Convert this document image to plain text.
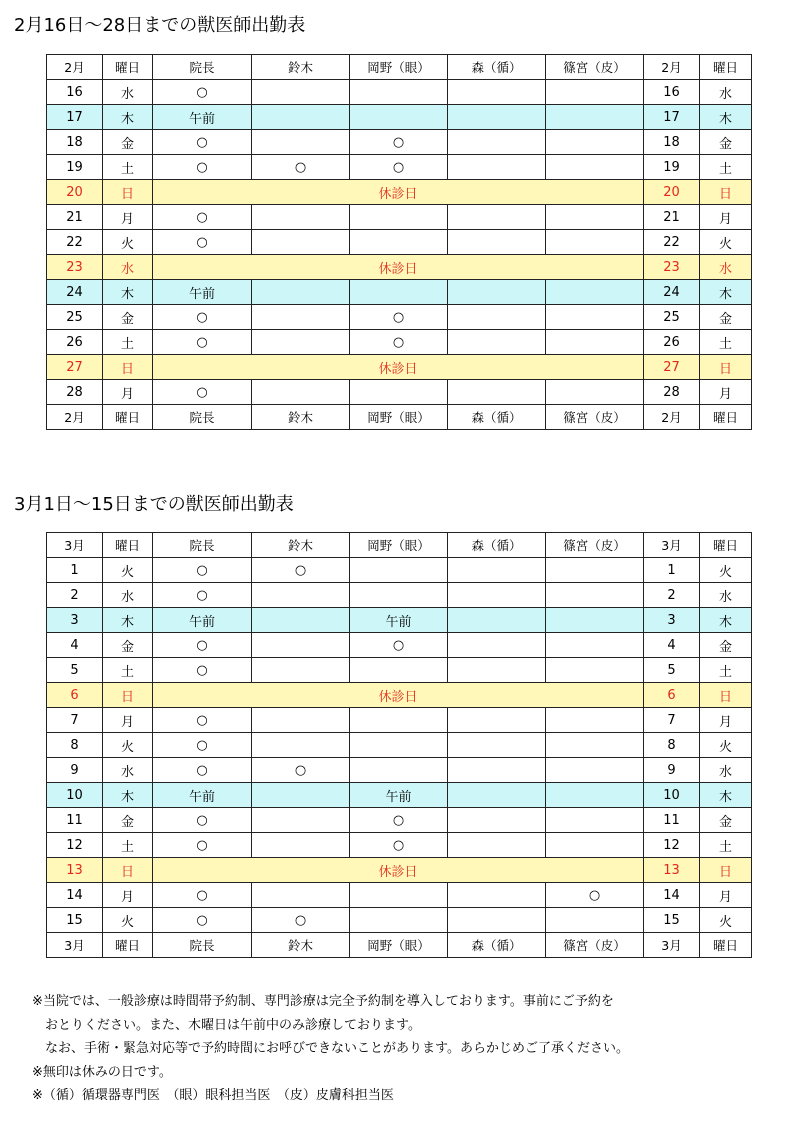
2月16日～28日までの獣医師出勤表
2月	曜日	院長	鈴木	岡野（眼）	森（循）	篠宮（皮）	2月	曜日
16	水	○					16	水
17	木	午前					17	木
18	金	○		○			18	金
19	土	○	○	○			19	土
20	日	休診日					20	日
21	月	○					21	月
22	火	○					22	火
23	水	休診日					23	水
24	木	午前					24	木
25	金	○		○			25	金
26	土	○		○			26	土
27	日	休診日					27	日
28	月	○					28	月
2月	曜日	院長	鈴木	岡野（眼）	森（循）	篠宮（皮）	2月	曜日
3月1日～15日までの獣医師出勤表
3月	曜日	院長	鈴木	岡野（眼）	森（循）	篠宮（皮）	3月	曜日
1	火	○	○				1	火
2	水	○					2	水
3	木	午前		午前			3	木
4	金	○		○			4	金
5	土	○					5	土
6	日	休診日					6	日
7	月	○					7	月
8	火	○					8	火
9	水	○	○				9	水
10	木	午前		午前			10	木
11	金	○		○			11	金
12	土	○		○			12	土
13	日	休診日					13	日
14	月	○				○	14	月
15	火	○	○				15	火
3月	曜日	院長	鈴木	岡野（眼）	森（循）	篠宮（皮）	3月	曜日
※当院では、一般診療は時間帯予約制、専門診療は完全予約制を導入しております。事前にご予約を
　おとりください。また、木曜日は午前中のみ診療しております。
　なお、手術・緊急対応等で予約時間にお呼びできないことがあります。あらかじめご了承ください。
※無印は休みの日です。
※（循）循環器専門医　（眼）眼科担当医　（皮）皮膚科担当医
